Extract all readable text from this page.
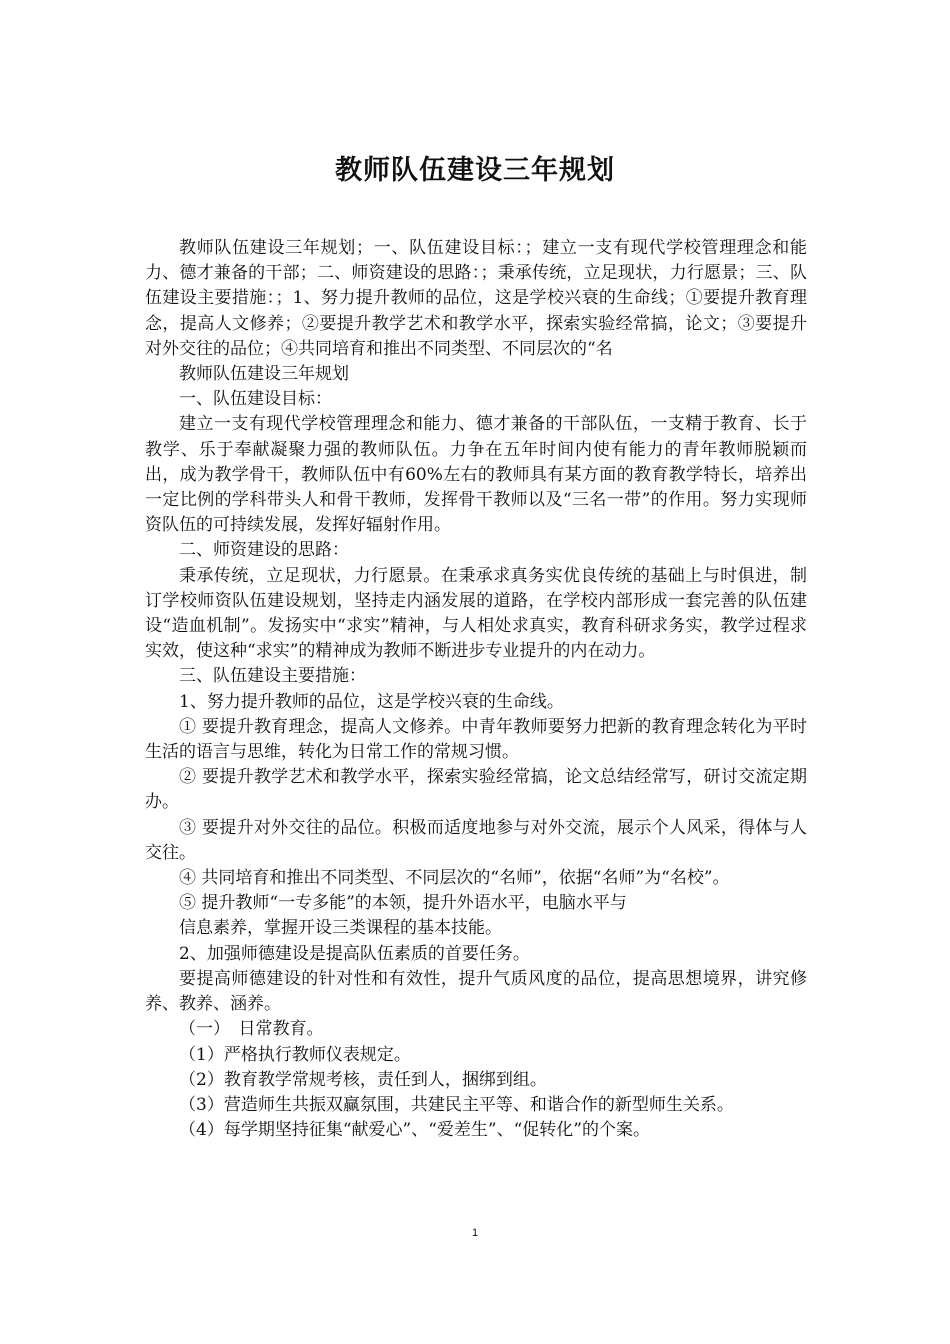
教师队伍建设三年规划

教师队伍建设三年规划；一、队伍建设目标：；建立一支有现代学校管理理念和能力、德才兼备的干部；二、师资建设的思路：；秉承传统，立足现状，力行愿景；三、队伍建设主要措施：；1、努力提升教师的品位，这是学校兴衰的生命线；①要提升教育理念，提高人文修养；②要提升教学艺术和教学水平，探索实验经常搞，论文；③要提升对外交往的品位；④共同培育和推出不同类型、不同层次的“名

教师队伍建设三年规划

一、队伍建设目标：

建立一支有现代学校管理理念和能力、德才兼备的干部队伍，一支精于教育、长于教学、乐于奉献凝聚力强的教师队伍。力争在五年时间内使有能力的青年教师脱颖而出，成为教学骨干，教师队伍中有60%左右的教师具有某方面的教育教学特长，培养出一定比例的学科带头人和骨干教师，发挥骨干教师以及“三名一带”的作用。努力实现师资队伍的可持续发展，发挥好辐射作用。

二、师资建设的思路：

秉承传统，立足现状，力行愿景。在秉承求真务实优良传统的基础上与时俱进，制订学校师资队伍建设规划，坚持走内涵发展的道路，在学校内部形成一套完善的队伍建设“造血机制”。发扬实中“求实”精神，与人相处求真实，教育科研求务实，教学过程求实效，使这种“求实”的精神成为教师不断进步专业提升的内在动力。

三、队伍建设主要措施：

1、努力提升教师的品位，这是学校兴衰的生命线。

① 要提升教育理念，提高人文修养。中青年教师要努力把新的教育理念转化为平时生活的语言与思维，转化为日常工作的常规习惯。

② 要提升教学艺术和教学水平，探索实验经常搞，论文总结经常写，研讨交流定期办。

③ 要提升对外交往的品位。积极而适度地参与对外交流，展示个人风采，得体与人交往。

④ 共同培育和推出不同类型、不同层次的“名师”，依据“名师”为“名校”。

⑤ 提升教师“一专多能”的本领，提升外语水平，电脑水平与

信息素养，掌握开设三类课程的基本技能。

2、加强师德建设是提高队伍素质的首要任务。

要提高师德建设的针对性和有效性，提升气质风度的品位，提高思想境界，讲究修养、教养、涵养。

（一）　日常教育。

（1）严格执行教师仪表规定。

（2）教育教学常规考核，责任到人，捆绑到组。

（3）营造师生共振双赢氛围，共建民主平等、和谐合作的新型师生关系。

（4）每学期坚持征集“献爱心”、“爱差生”、“促转化”的个案。

1
